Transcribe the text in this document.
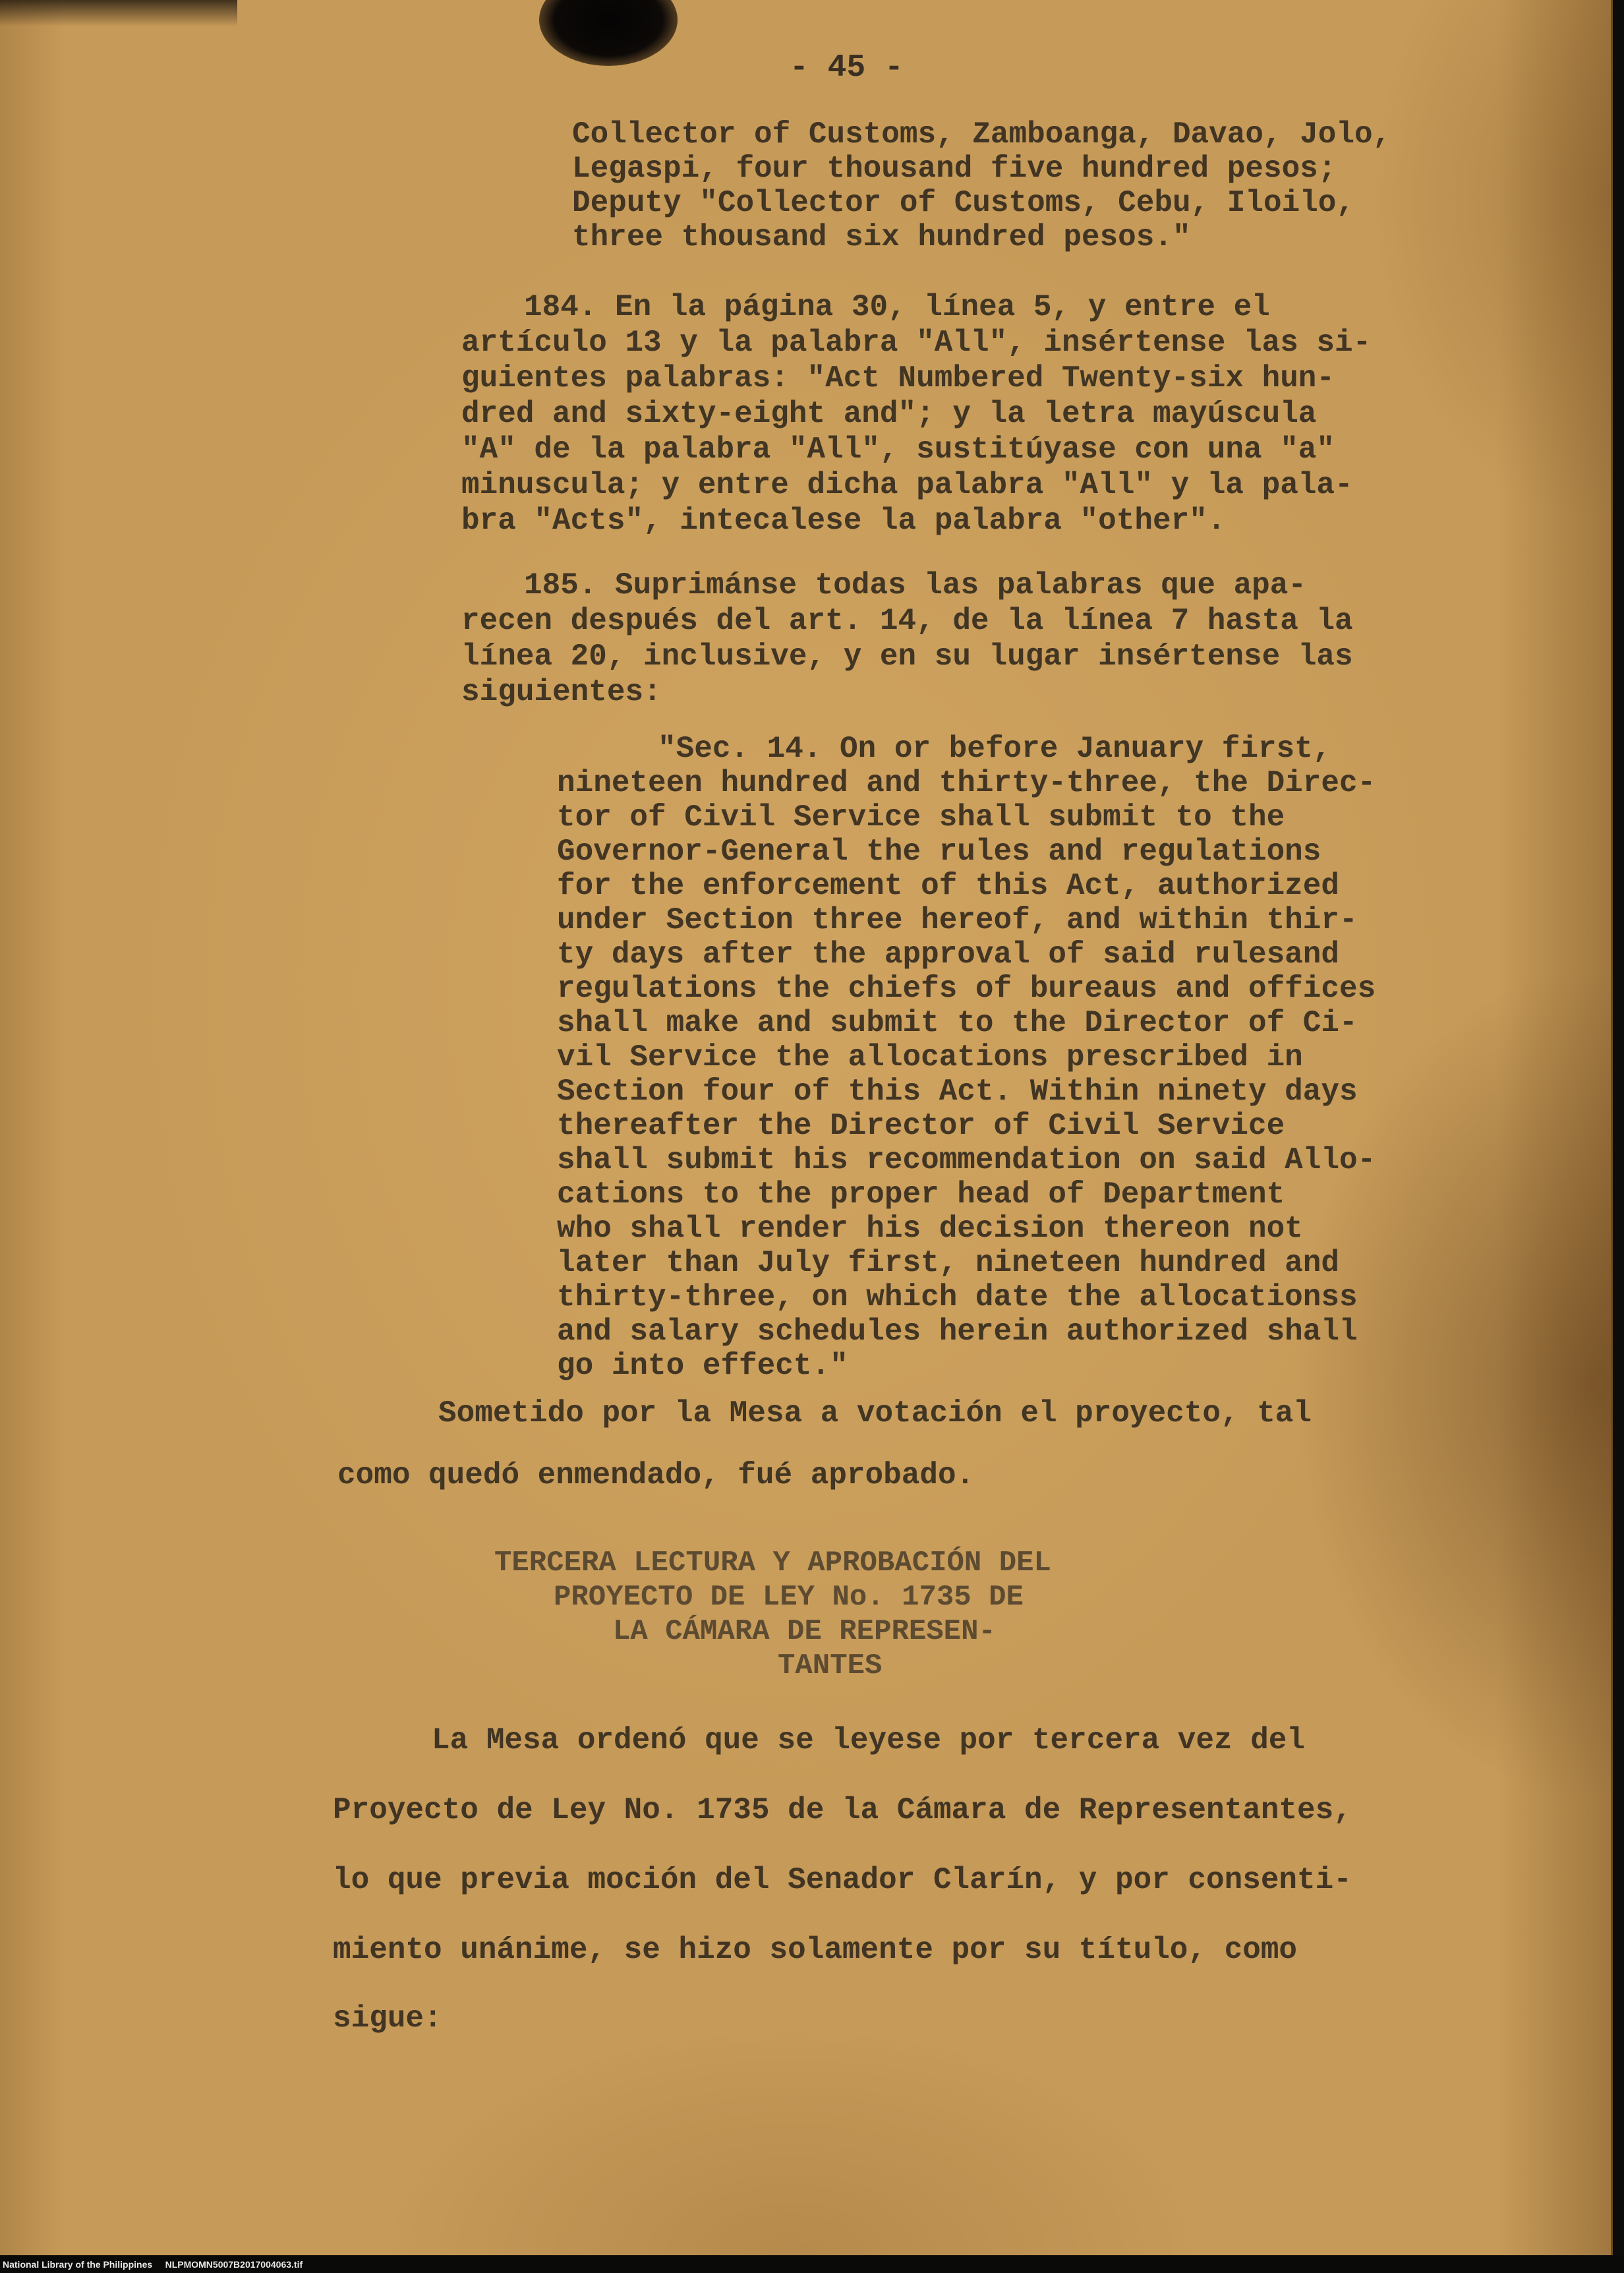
- 45 -
Collector of Customs, Zamboanga, Davao, Jolo,
Legaspi, four thousand five hundred pesos;
Deputy "Collector of Customs, Cebu, Iloilo,
three thousand six hundred pesos."
184. En la página 30, línea 5, y entre el
artículo 13 y la palabra "All", insértense las si-
guientes palabras: "Act Numbered Twenty-six hun-
dred and sixty-eight and"; y la letra mayúscula
"A" de la palabra "All", sustitúyase con una "a"
minuscula; y entre dicha palabra "All" y la pala-
bra "Acts", intecalese la palabra "other".
185. Suprimánse todas las palabras que apa-
recen después del art. 14, de la línea 7 hasta la
línea 20, inclusive, y en su lugar insértense las
siguientes:
"Sec. 14. On or before January first,
nineteen hundred and thirty-three, the Direc-
tor of Civil Service shall submit to the
Governor-General the rules and regulations
for the enforcement of this Act, authorized
under Section three hereof, and within thir-
ty days after the approval of said rulesand
regulations the chiefs of bureaus and offices
shall make and submit to the Director of Ci-
vil Service the allocations prescribed in
Section four of this Act. Within ninety days
thereafter the Director of Civil Service
shall submit his recommendation on said Allo-
cations to the proper head of Department
who shall render his decision thereon not
later than July first, nineteen hundred and
thirty-three, on which date the allocationss
and salary schedules herein authorized shall
go into effect."
Sometido por la Mesa a votación el proyecto, tal
como quedó enmendado, fué aprobado.
TERCERA LECTURA Y APROBACIÓN DEL
PROYECTO DE LEY No. 1735 DE
LA CÁMARA DE REPRESEN-
TANTES
La Mesa ordenó que se leyese por tercera vez del
Proyecto de Ley No. 1735 de la Cámara de Representantes,
lo que previa moción del Senador Clarín, y por consenti-
miento unánime, se hizo solamente por su título, como
sigue:
National Library of the Philippines     NLPMOMN5007B2017004063.tif
